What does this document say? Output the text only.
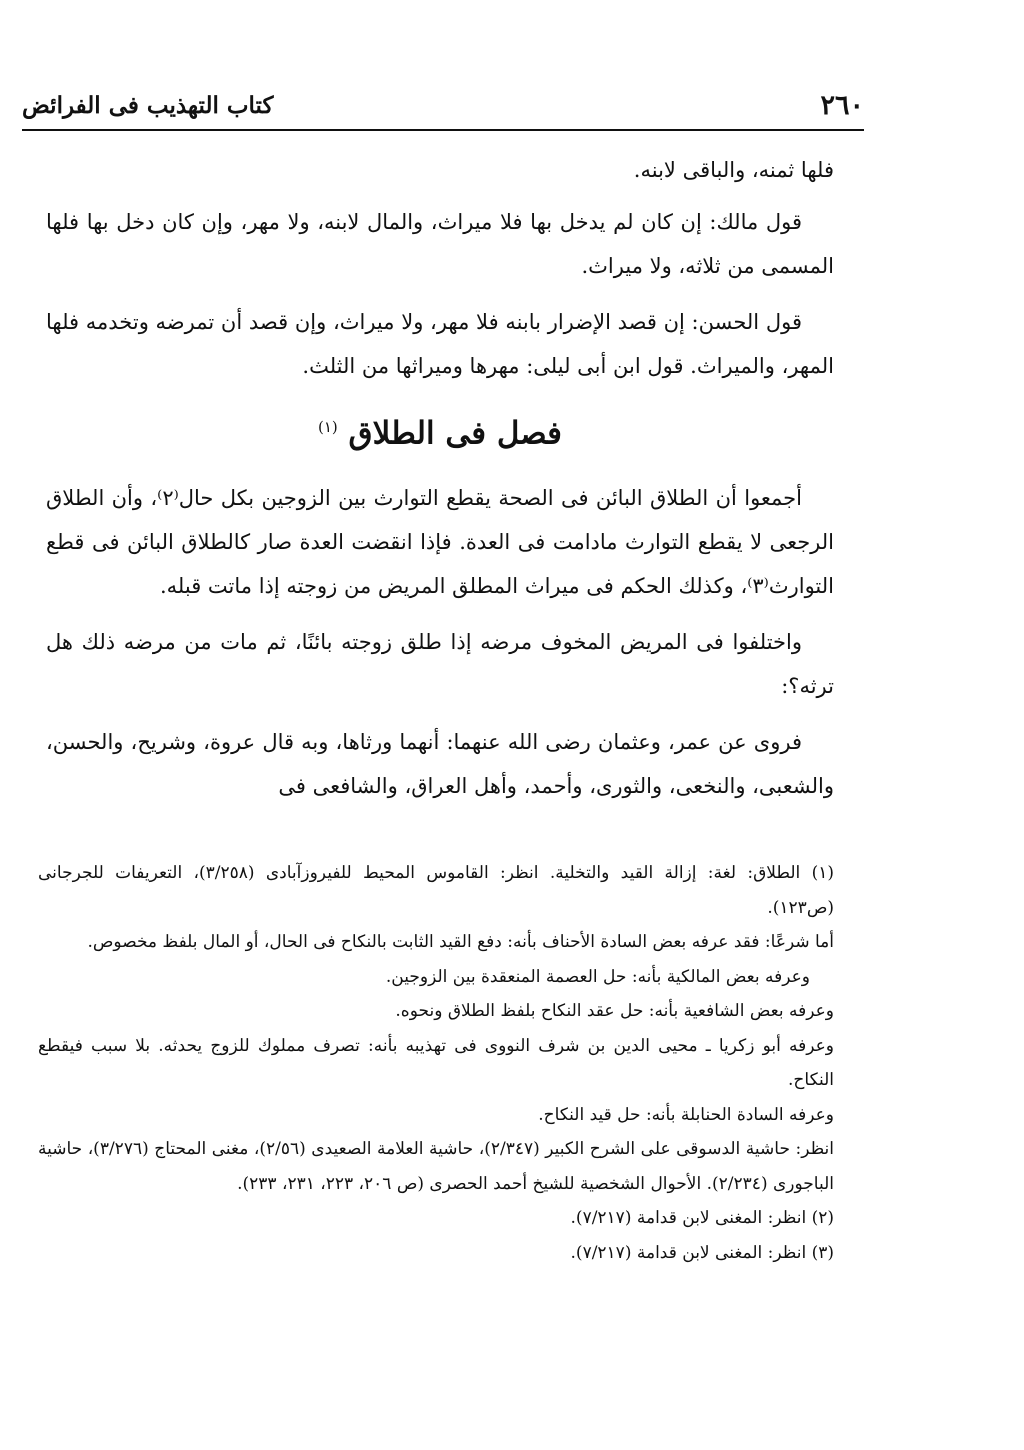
٢٦٠
كتاب التهذيب فى الفرائض

فلها ثمنه، والباقى لابنه.

قول مالك: إن كان لم يدخل بها فلا ميراث، والمال لابنه، ولا مهر، وإن كان دخل بها فلها المسمى من ثلاثه، ولا ميراث.

قول الحسن: إن قصد الإضرار بابنه فلا مهر، ولا ميراث، وإن قصد أن تمرضه وتخدمه فلها المهر، والميراث. قول ابن أبى ليلى: مهرها وميراثها من الثلث.

فصل فى الطلاق $^{(١)}$

أجمعوا أن الطلاق البائن فى الصحة يقطع التوارث بين الزوجين بكل حال⁽٢⁾، وأن الطلاق الرجعى لا يقطع التوارث مادامت فى العدة. فإذا انقضت العدة صار كالطلاق البائن فى قطع التوارث⁽٣⁾، وكذلك الحكم فى ميراث المطلق المريض من زوجته إذا ماتت قبله.

واختلفوا فى المريض المخوف مرضه إذا طلق زوجته بائنًا، ثم مات من مرضه ذلك هل ترثه؟:

فروى عن عمر، وعثمان رضى الله عنهما: أنهما ورثاها، وبه قال عروة، وشريح، والحسن، والشعبى، والنخعى، والثورى، وأحمد، وأهل العراق، والشافعى فى

(١) الطلاق: لغة: إزالة القيد والتخلية. انظر: القاموس المحيط للفيروزآبادى (٣/٢٥٨)، التعريفات للجرجانى (ص١٢٣).

أما شرعًا: فقد عرفه بعض السادة الأحناف بأنه: دفع القيد الثابت بالنكاح فى الحال، أو المال بلفظ مخصوص.

وعرفه بعض المالكية بأنه: حل العصمة المنعقدة بين الزوجين.

وعرفه بعض الشافعية بأنه: حل عقد النكاح بلفظ الطلاق ونحوه.

وعرفه أبو زكريا ـ محيى الدين بن شرف النووى فى تهذيبه بأنه: تصرف مملوك للزوج يحدثه. بلا سبب فيقطع النكاح.

وعرفه السادة الحنابلة بأنه: حل قيد النكاح.

انظر: حاشية الدسوقى على الشرح الكبير (٢/٣٤٧)، حاشية العلامة الصعيدى (٢/٥٦)، مغنى المحتاج (٣/٢٧٦)، حاشية الباجورى (٢/٢٣٤). الأحوال الشخصية للشيخ أحمد الحصرى (ص ٢٠٦، ٢٢٣، ٢٣١، ٢٣٣).

(٢) انظر: المغنى لابن قدامة (٧/٢١٧).

(٣) انظر: المغنى لابن قدامة (٧/٢١٧).
